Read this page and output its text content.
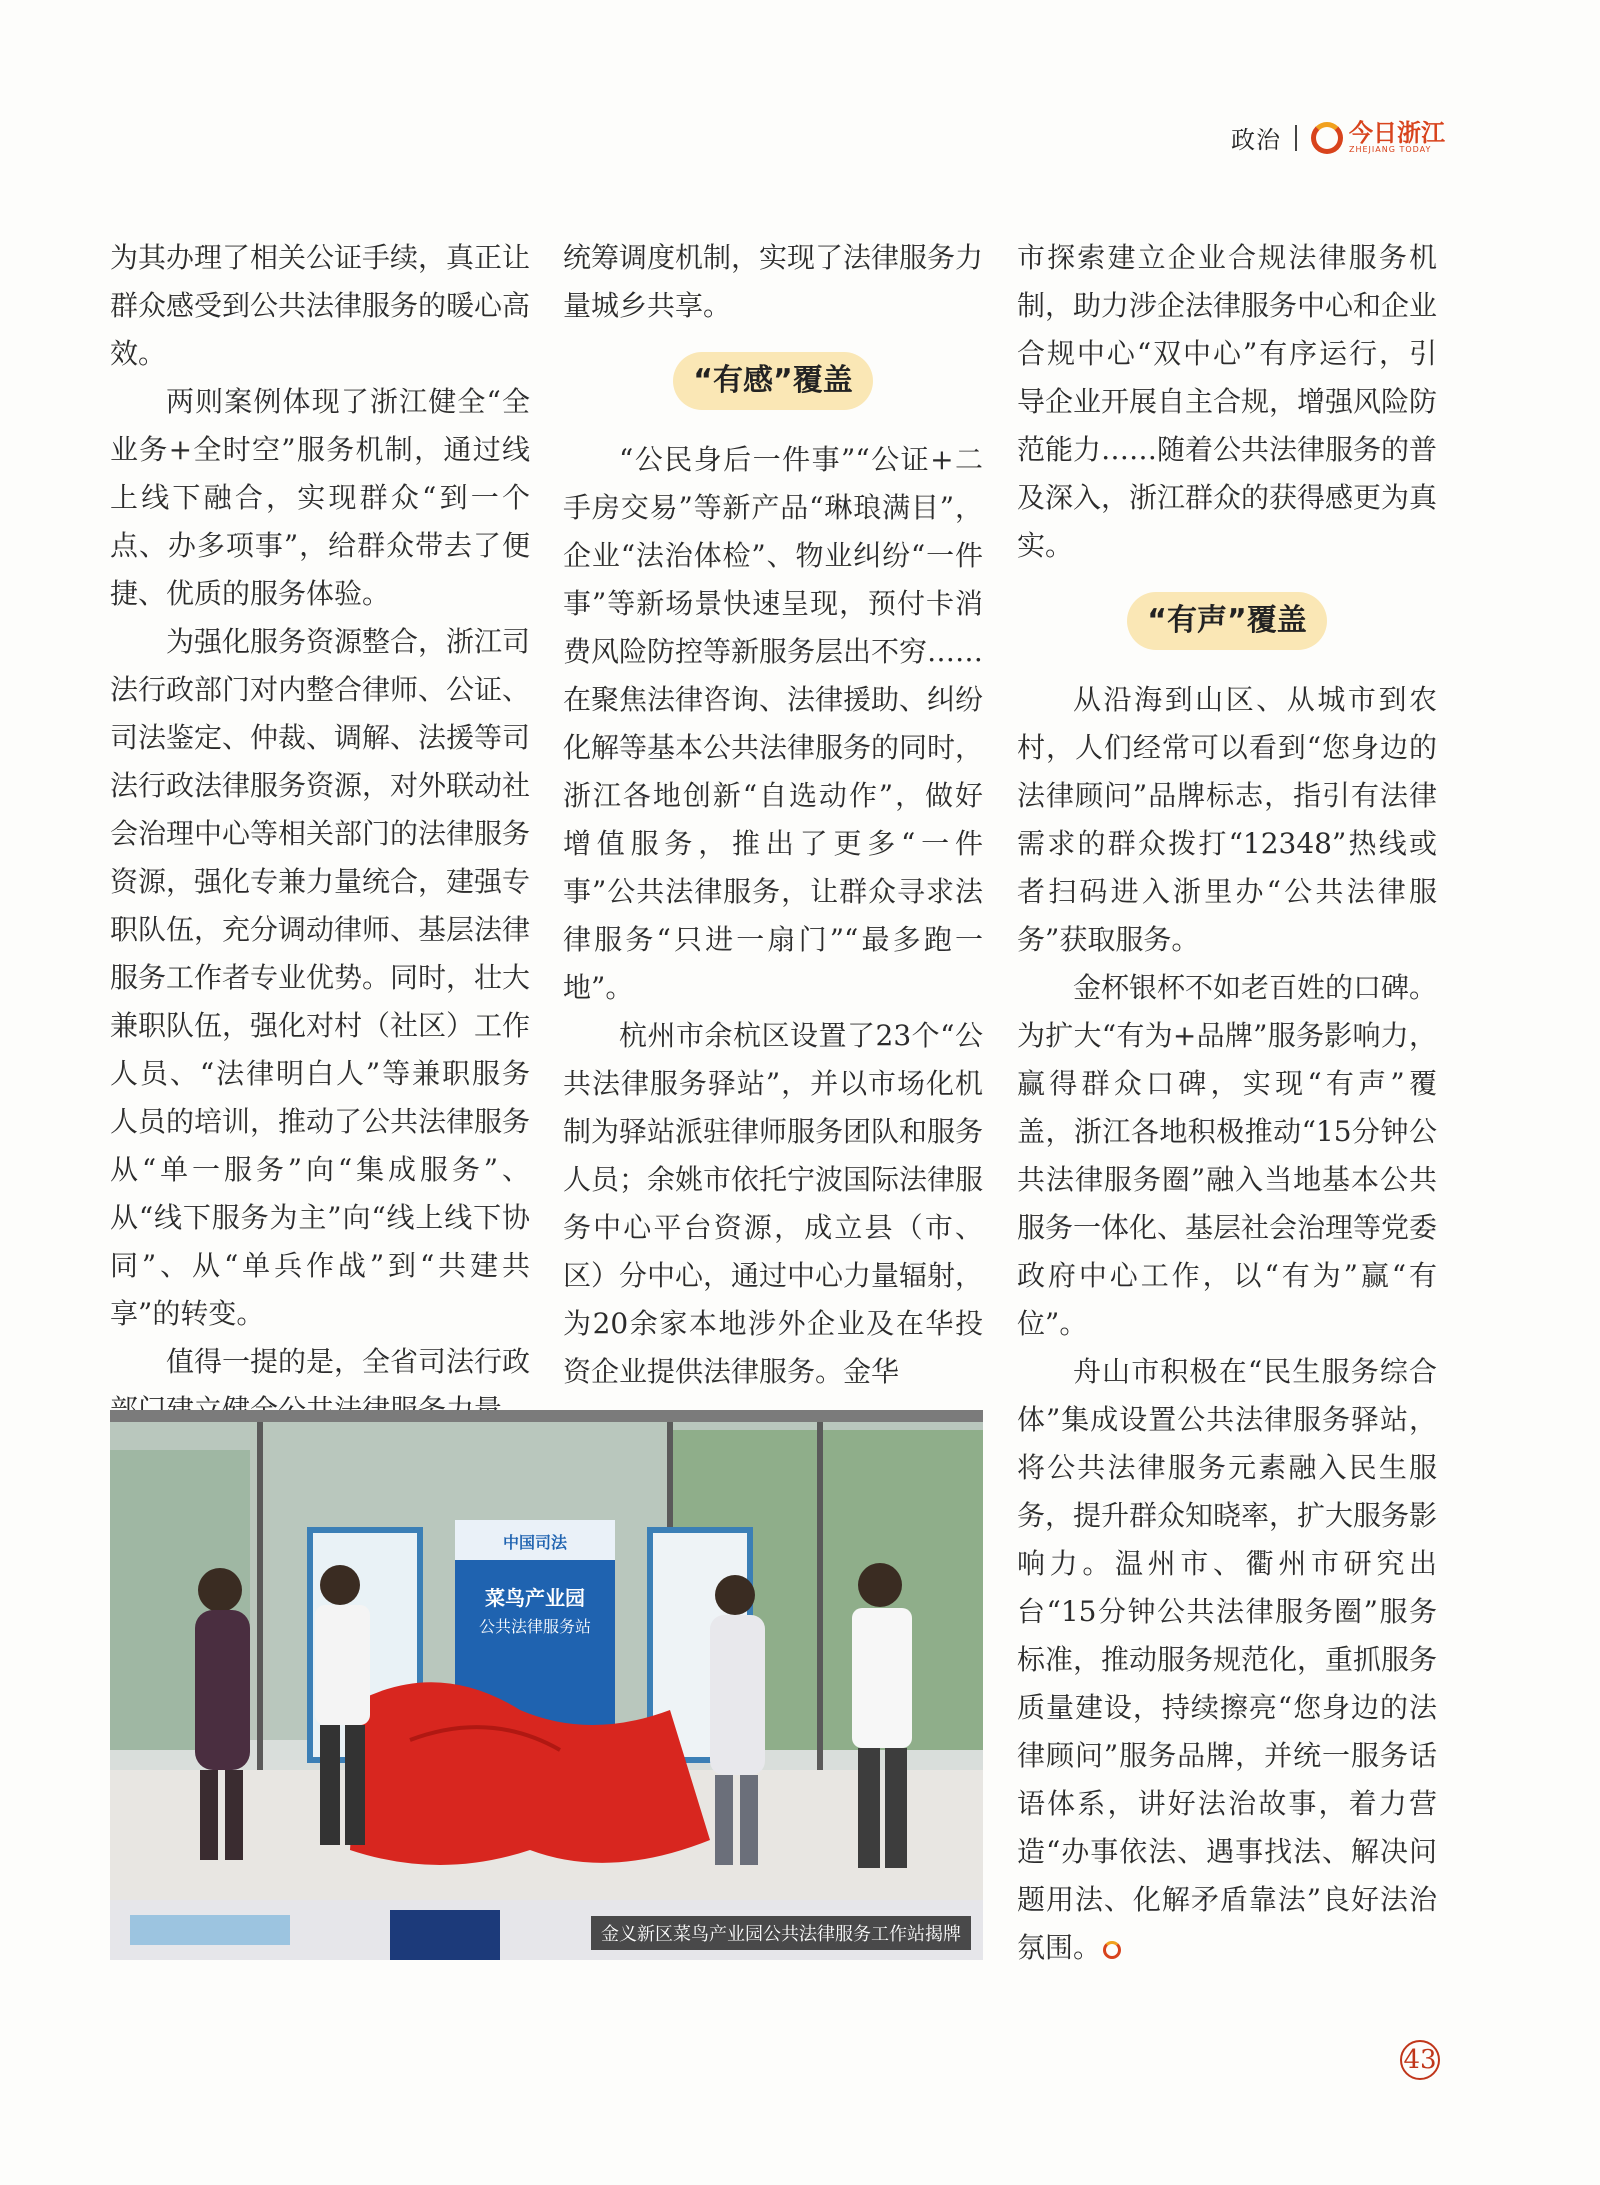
政治	今日浙江
ZHEJIANG TODAY

为其办理了相关公证手续，真正让群众感受到公共法律服务的暖心高效。

两则案例体现了浙江健全“全业务+全时空”服务机制，通过线上线下融合，实现群众“到一个点、办多项事”，给群众带去了便捷、优质的服务体验。

为强化服务资源整合，浙江司法行政部门对内整合律师、公证、司法鉴定、仲裁、调解、法援等司法行政法律服务资源，对外联动社会治理中心等相关部门的法律服务资源，强化专兼力量统合，建强专职队伍，充分调动律师、基层法律服务工作者专业优势。同时，壮大兼职队伍，强化对村（社区）工作人员、“法律明白人”等兼职服务人员的培训，推动了公共法律服务从“单一服务”向“集成服务”、从“线下服务为主”向“线上线下协同”、从“单兵作战”到“共建共享”的转变。

值得一提的是，全省司法行政

统筹调度机制，实现了法律服务力量城乡共享。

“有感”覆盖

“公民身后一件事”“公证+二手房交易”等新产品“琳琅满目”，企业“法治体检”、物业纠纷“一件事”等新场景快速呈现，预付卡消费风险防控等新服务层出不穷……在聚焦法律咨询、法律援助、纠纷化解等基本公共法律服务的同时，浙江各地创新“自选动作”，做好增值服务，推出了更多“一件事”公共法律服务，让群众寻求法律服务“只进一扇门”“最多跑一地”。

杭州市余杭区设置了23个“公共法律服务驿站”，并以市场化机制为驿站派驻律师服务团队和服务人员；余姚市依托宁波国际法律服务中心平台资源，成立县（市、区）分中心，通过中心力量辐射，为20余家本地涉外企业及在华投资企业提供法律服务。金华

市探索建立企业合规法律服务机制，助力涉企法律服务中心和企业合规中心“双中心”有序运行，引导企业开展自主合规，增强风险防范能力……随着公共法律服务的普及深入，浙江群众的获得感更为真实。

“有声”覆盖

从沿海到山区、从城市到农村，人们经常可以看到“您身边的法律顾问”品牌标志，指引有法律需求的群众拨打“12348”热线或者扫码进入浙里办“公共法律服务”获取服务。

金杯银杯不如老百姓的口碑。为扩大“有为+品牌”服务影响力，赢得群众口碑，实现“有声”覆盖，浙江各地积极推动“15分钟公共法律服务圈”融入当地基本公共服务一体化、基层社会治理等党委政府中心工作，以“有为”赢“有位”。

舟山市积极在“民生服务综合体”集成设置公共法律服务驿站，将公共法律服务元素融入民生服务，提升群众知晓率，扩大服务影响力。温州市、衢州市研究出台“15分钟公共法律服务圈”服务标准，推动服务规范化，重抓服务质量建设，持续擦亮“您身边的法律顾问”服务品牌，并统一服务话语体系，讲好法治故事，着力营造“办事依法、遇事找法、解决问题用法、化解矛盾靠法”良好法治氛围。

中国司法
菜鸟产业园
公共法律服务站
金义新区菜鸟产业园公共法律服务工作站揭牌
43
